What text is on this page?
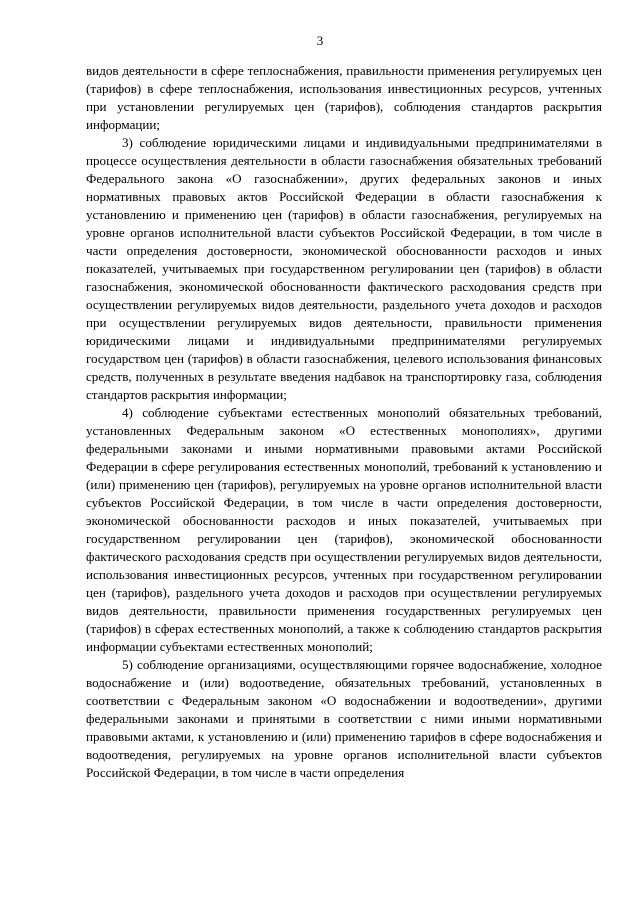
3

видов деятельности в сфере теплоснабжения, правильности применения регулируемых цен (тарифов) в сфере теплоснабжения, использования инвестиционных ресурсов, учтенных при установлении регулируемых цен (тарифов), соблюдения стандартов раскрытия информации;

3) соблюдение юридическими лицами и индивидуальными предпринимателями в процессе осуществления деятельности в области газоснабжения обязательных требований Федерального закона «О газоснабжении», других федеральных законов и иных нормативных правовых актов Российской Федерации в области газоснабжения к установлению и применению цен (тарифов) в области газоснабжения, регулируемых на уровне органов исполнительной власти субъектов Российской Федерации, в том числе в части определения достоверности, экономической обоснованности расходов и иных показателей, учитываемых при государственном регулировании цен (тарифов) в области газоснабжения, экономической обоснованности фактического расходования средств при осуществлении регулируемых видов деятельности, раздельного учета доходов и расходов при осуществлении регулируемых видов деятельности, правильности применения юридическими лицами и индивидуальными предпринимателями регулируемых государством цен (тарифов) в области газоснабжения, целевого использования финансовых средств, полученных в результате введения надбавок на транспортировку газа, соблюдения стандартов раскрытия информации;

4) соблюдение субъектами естественных монополий обязательных требований, установленных Федеральным законом «О естественных монополиях», другими федеральными законами и иными нормативными правовыми актами Российской Федерации в сфере регулирования естественных монополий, требований к установлению и (или) применению цен (тарифов), регулируемых на уровне органов исполнительной власти субъектов Российской Федерации, в том числе в части определения достоверности, экономической обоснованности расходов и иных показателей, учитываемых при государственном регулировании цен (тарифов), экономической обоснованности фактического расходования средств при осуществлении регулируемых видов деятельности, использования инвестиционных ресурсов, учтенных при государственном регулировании цен (тарифов), раздельного учета доходов и расходов при осуществлении регулируемых видов деятельности, правильности применения государственных регулируемых цен (тарифов) в сферах естественных монополий, а также к соблюдению стандартов раскрытия информации субъектами естественных монополий;

5) соблюдение организациями, осуществляющими горячее водоснабжение, холодное водоснабжение и (или) водоотведение, обязательных требований, установленных в соответствии с Федеральным законом «О водоснабжении и водоотведении», другими федеральными законами и принятыми в соответствии с ними иными нормативными правовыми актами, к установлению и (или) применению тарифов в сфере водоснабжения и водоотведения, регулируемых на уровне органов исполнительной власти субъектов Российской Федерации, в том числе в части определения
